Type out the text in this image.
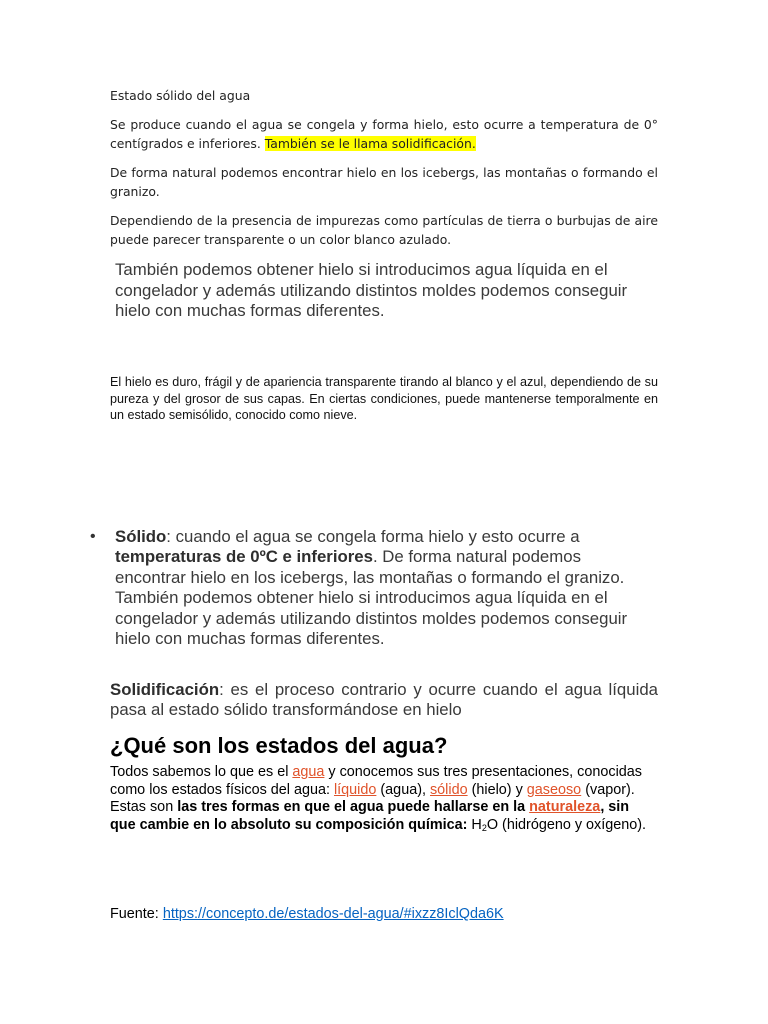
Estado sólido del agua
Se produce cuando el agua se congela y forma hielo, esto ocurre a temperatura de 0° centígrados e inferiores. También se le llama solidificación.
De forma natural podemos encontrar hielo en los icebergs, las montañas o formando el granizo.
Dependiendo de la presencia de impurezas como partículas de tierra o burbujas de aire puede parecer transparente o un color blanco azulado.
También podemos obtener hielo si introducimos agua líquida en el congelador y además utilizando distintos moldes podemos conseguir hielo con muchas formas diferentes.
El hielo es duro, frágil y de apariencia transparente tirando al blanco y el azul, dependiendo de su pureza y del grosor de sus capas. En ciertas condiciones, puede mantenerse temporalmente en un estado semisólido, conocido como nieve.
• Sólido: cuando el agua se congela forma hielo y esto ocurre a temperaturas de 0ºC e inferiores. De forma natural podemos encontrar hielo en los icebergs, las montañas o formando el granizo. También podemos obtener hielo si introducimos agua líquida en el congelador y además utilizando distintos moldes podemos conseguir hielo con muchas formas diferentes.
Solidificación: es el proceso contrario y ocurre cuando el agua líquida pasa al estado sólido transformándose en hielo
¿Qué son los estados del agua?
Todos sabemos lo que es el agua y conocemos sus tres presentaciones, conocidas como los estados físicos del agua: líquido (agua), sólido (hielo) y gaseoso (vapor). Estas son las tres formas en que el agua puede hallarse en la naturaleza, sin que cambie en lo absoluto su composición química: $H_2O$ (hidrógeno y oxígeno).
Fuente: https://concepto.de/estados-del-agua/#ixzz8IclQda6K
